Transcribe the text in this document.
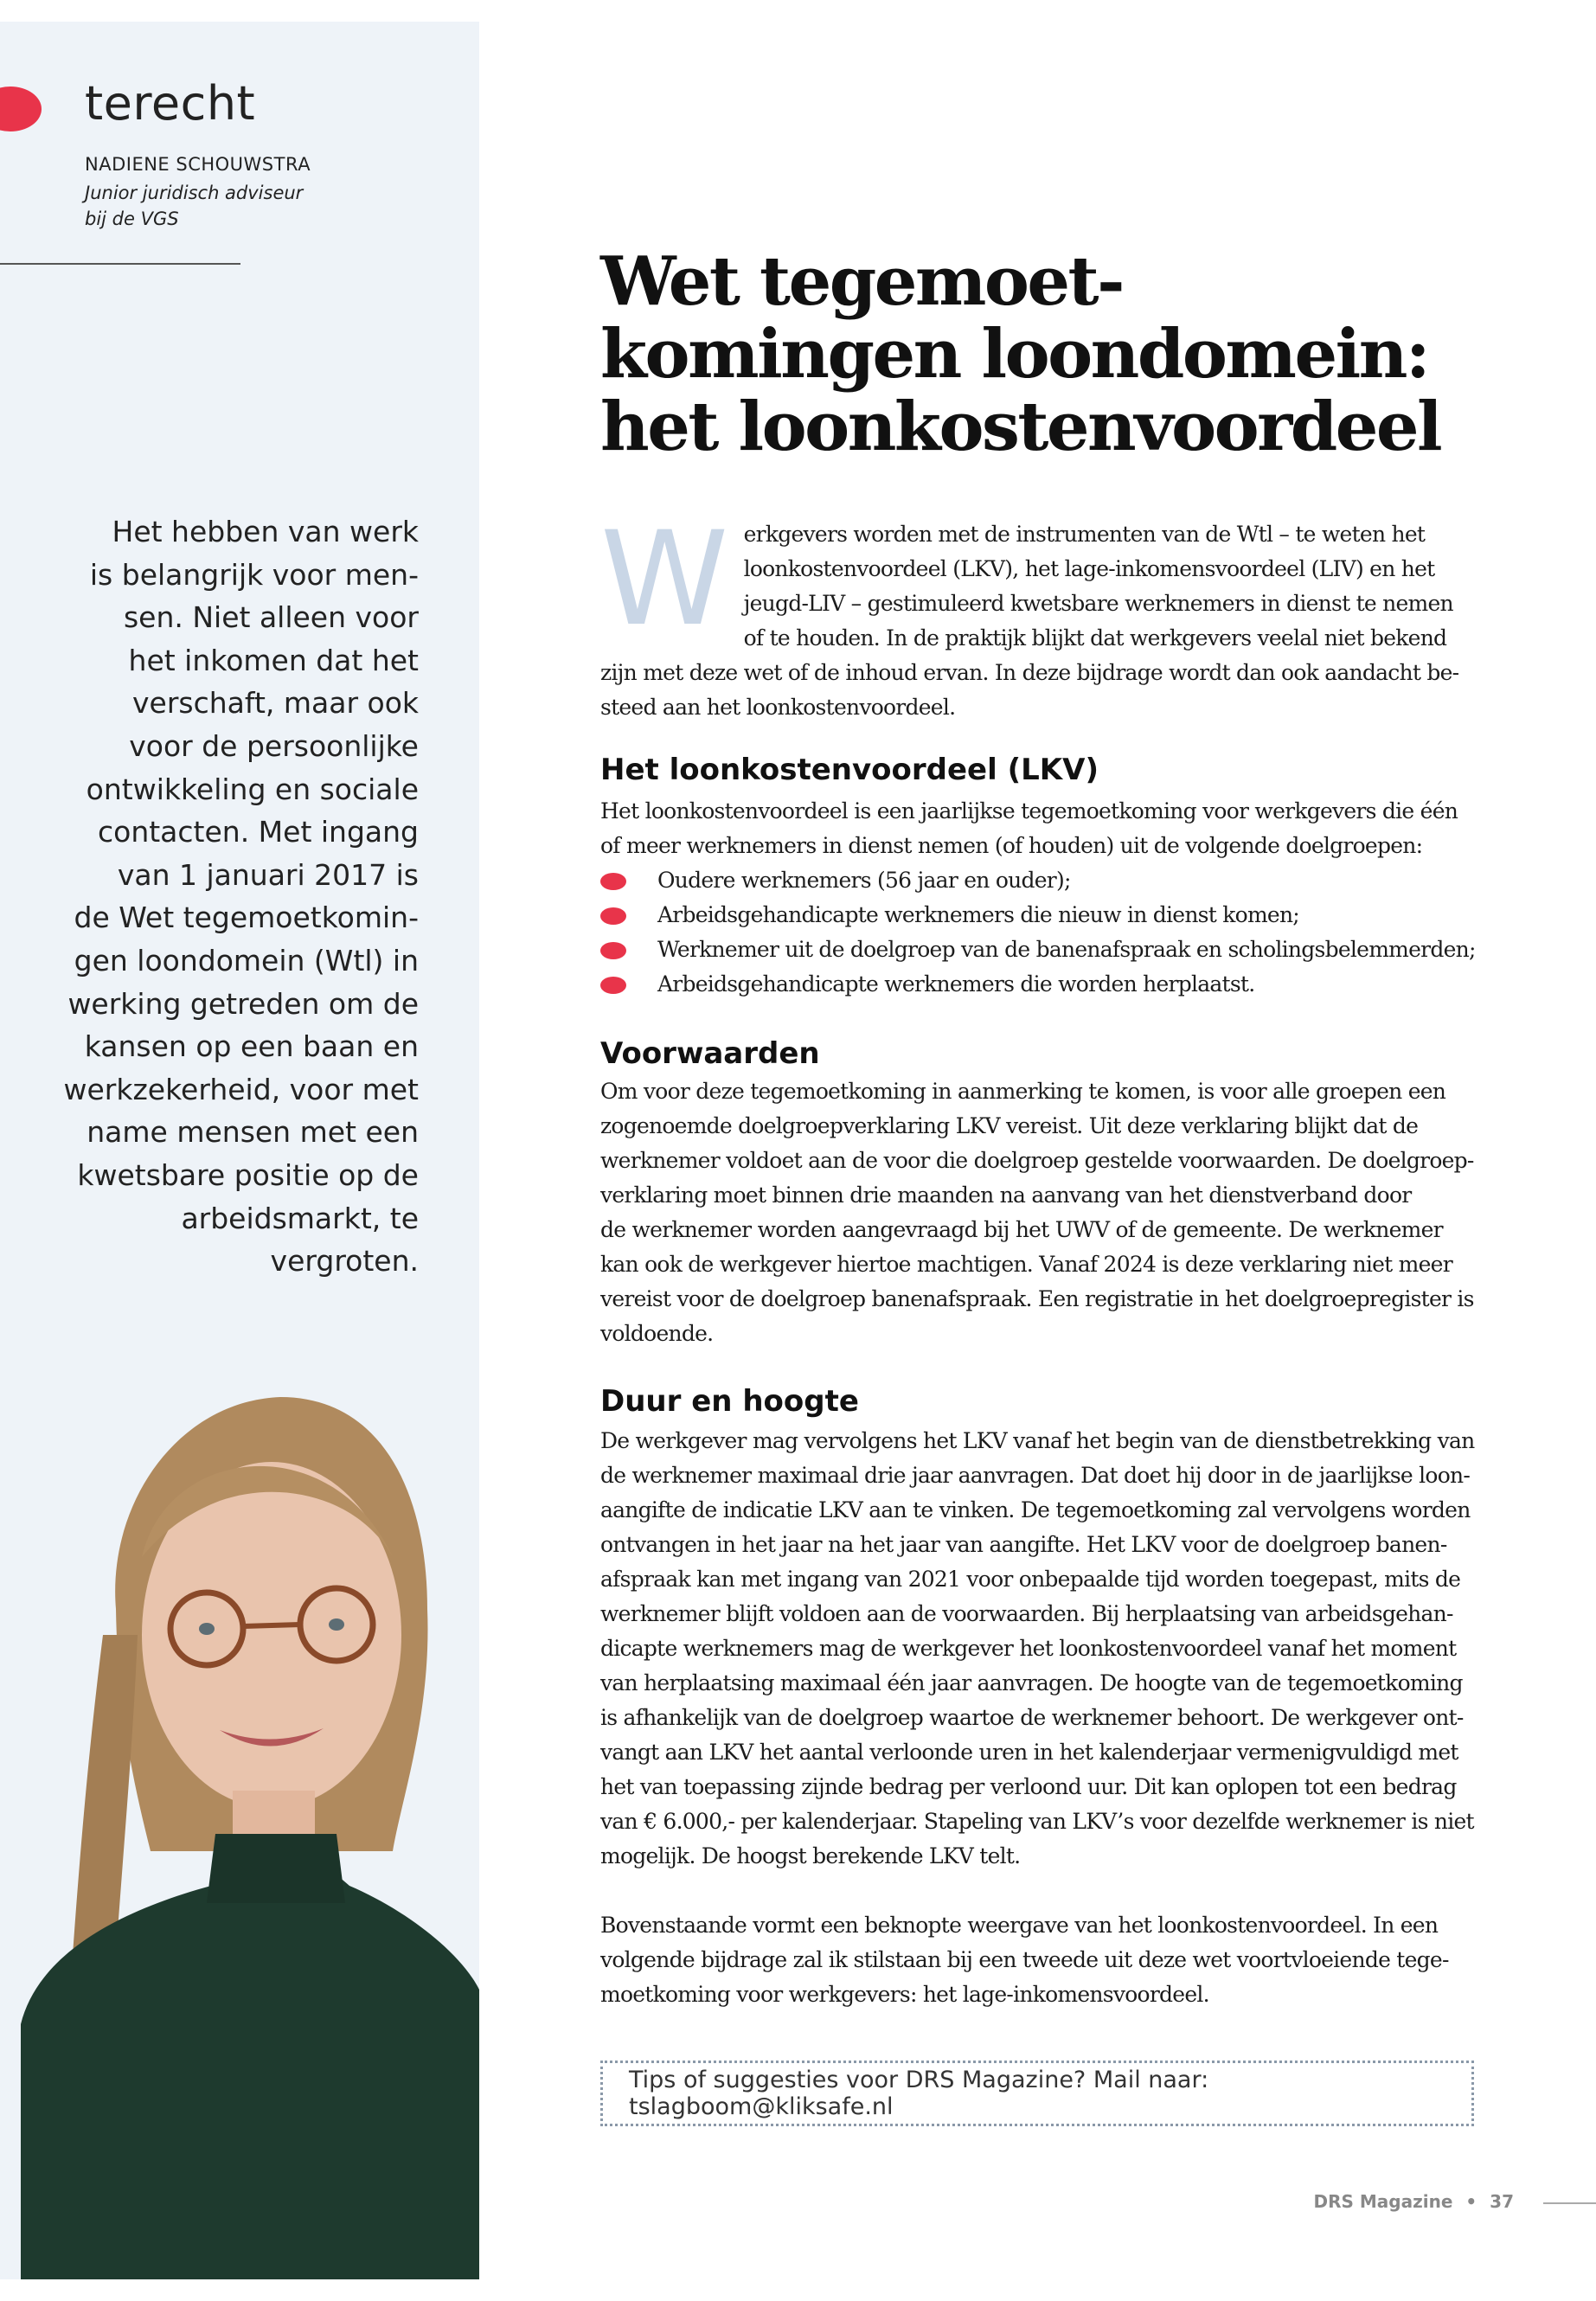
terecht
NADIENE SCHOUWSTRA
Junior juridisch adviseur
bij de VGS
Het hebben van werk
is belangrijk voor men-
sen. Niet alleen voor
het inkomen dat het
verschaft, maar ook
voor de persoonlijke
ontwikkeling en sociale
contacten. Met ingang
van 1 januari 2017 is
de Wet tegemoetkomin-
gen loondomein (Wtl) in
werking getreden om de
kansen op een baan en
werkzekerheid, voor met
name mensen met een
kwetsbare positie op de
arbeidsmarkt, te
vergroten.
Wet tegemoet-
komingen loondomein:
het loonkostenvoordeel
W erkgevers worden met de instrumenten van de Wtl – te weten het
loonkostenvoordeel (LKV), het lage-inkomensvoordeel (LIV) en het
jeugd-LIV – gestimuleerd kwetsbare werknemers in dienst te nemen
of te houden. In de praktijk blijkt dat werkgevers veelal niet bekend
zijn met deze wet of de inhoud ervan. In deze bijdrage wordt dan ook aandacht be-
steed aan het loonkostenvoordeel.
Het loonkostenvoordeel (LKV)
Het loonkostenvoordeel is een jaarlijkse tegemoetkoming voor werkgevers die één
of meer werknemers in dienst nemen (of houden) uit de volgende doelgroepen:
Oudere werknemers (56 jaar en ouder);
Arbeidsgehandicapte werknemers die nieuw in dienst komen;
Werknemer uit de doelgroep van de banenafspraak en scholingsbelemmerden;
Arbeidsgehandicapte werknemers die worden herplaatst.
Voorwaarden
Om voor deze tegemoetkoming in aanmerking te komen, is voor alle groepen een
zogenoemde doelgroepverklaring LKV vereist. Uit deze verklaring blijkt dat de
werknemer voldoet aan de voor die doelgroep gestelde voorwaarden. De doelgroep-
verklaring moet binnen drie maanden na aanvang van het dienstverband door
de werknemer worden aangevraagd bij het UWV of de gemeente. De werknemer
kan ook de werkgever hiertoe machtigen. Vanaf 2024 is deze verklaring niet meer
vereist voor de doelgroep banenafspraak. Een registratie in het doelgroepregister is
voldoende.
Duur en hoogte
De werkgever mag vervolgens het LKV vanaf het begin van de dienstbetrekking van
de werknemer maximaal drie jaar aanvragen. Dat doet hij door in de jaarlijkse loon-
aangifte de indicatie LKV aan te vinken. De tegemoetkoming zal vervolgens worden
ontvangen in het jaar na het jaar van aangifte. Het LKV voor de doelgroep banen-
afspraak kan met ingang van 2021 voor onbepaalde tijd worden toegepast, mits de
werknemer blijft voldoen aan de voorwaarden. Bij herplaatsing van arbeidsgehan-
dicapte werknemers mag de werkgever het loonkostenvoordeel vanaf het moment
van herplaatsing maximaal één jaar aanvragen. De hoogte van de tegemoetkoming
is afhankelijk van de doelgroep waartoe de werknemer behoort. De werkgever ont-
vangt aan LKV het aantal verloonde uren in het kalenderjaar vermenigvuldigd met
het van toepassing zijnde bedrag per verloond uur. Dit kan oplopen tot een bedrag
van € 6.000,- per kalenderjaar. Stapeling van LKV’s voor dezelfde werknemer is niet
mogelijk. De hoogst berekende LKV telt.
Bovenstaande vormt een beknopte weergave van het loonkostenvoordeel. In een
volgende bijdrage zal ik stilstaan bij een tweede uit deze wet voortvloeiende tege-
moetkoming voor werkgevers: het lage-inkomensvoordeel.
Tips of suggesties voor DRS Magazine? Mail naar: tslagboom@kliksafe.nl
DRS Magazine • 37
